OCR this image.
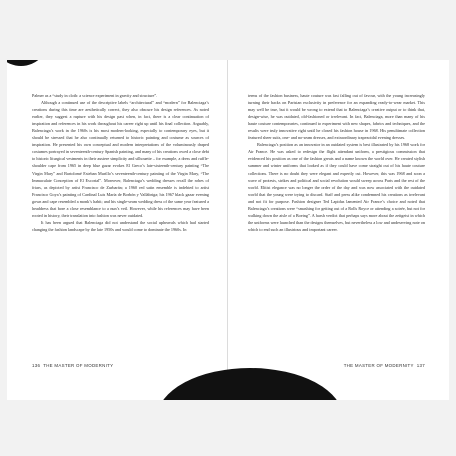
Palmer as a “study in cloth: a science experiment in gravity and structure”.

Although a continued use of the descriptive labels “architectural” and “modern” for Balenciaga’s creations during this time are aesthetically correct, they also obscure his design references. As noted earlier, they suggest a rupture with his design past when, in fact, there is a clear continuation of inspiration and references in his work throughout his career right up until his final collection. Arguably, Balenciaga’s work in the 1960s is his most modern-looking, especially to contemporary eyes, but it should be stressed that he also continually returned to historic painting and costume as sources of inspiration. He presented his own conceptual and modern interpretations of the voluminously draped costumes portrayed in seventeenth-century Spanish painting, and many of his creations owed a close debt to historic liturgical vestments in their austere simplicity and silhouette – for example, a dress and ruffle-shoulder cape from 1965 in deep blue gazar evokes El Greco’s late-sixteenth-century painting “The Virgin Mary” and Bartolomé Esteban Murillo’s seventeenth-century painting of the Virgin Mary, “The Immaculate Conception of El Escorial”. Moreover, Balenciaga’s wedding dresses recall the robes of friars, as depicted by artist Francisco de Zurbarán; a 1960 red satin ensemble is indebted to artist Francisco Goya’s painting of Cardinal Luis María de Borbón y Vallábriga; his 1967 black gazar evening gown and cape resembled a monk’s habit; and his single-seam wedding dress of the same year featured a headdress that bore a close resemblance to a nun’s veil. However, while his references may have been rooted in history, their translation into fashion was never outdated.

It has been argued that Balenciaga did not understand the social upheavals which had started changing the fashion landscape by the late 1950s and would come to dominate the 1960s. In

terms of the fashion business, haute couture was fast falling out of favour, with the young increasingly turning their backs on Parisian exclusivity in preference for an expanding ready-to-wear market. This may well be true, but it would be wrong to extend that to Balenciaga’s creative output or to think that, design-wise, he was outdated, old-fashioned or irrelevant. In fact, Balenciaga, more than many of his haute couture contemporaries, continued to experiment with new shapes, fabrics and techniques, and the results were truly innovative right until he closed his fashion house in 1968. His penultimate collection featured sheer suits, one- and no-seam dresses, and extraordinary trapezoidal evening dresses.

Balenciaga’s position as an innovator in an outdated system is best illustrated by his 1968 work for Air France. He was asked to redesign the flight attendant uniform, a prestigious commission that evidenced his position as one of the fashion greats and a name known the world over. He created stylish summer and winter uniforms that looked as if they could have come straight out of his haute couture collections. There is no doubt they were elegant and expertly cut. However, this was 1968 and soon a wave of protests, strikes and political and social revolution would sweep across Paris and the rest of the world. Elitist elegance was no longer the order of the day and was now associated with the outdated world that the young were trying to discard. Staff and press alike condemned his creations as irrelevant and not fit for purpose. Fashion designer Ted Lapidus lamented Air France’s choice and noted that Balenciaga’s creations were “smashing for getting out of a Rolls Royce or attending a soirée, but not for walking down the aisle of a Boeing”. A harsh verdict that perhaps says more about the zeitgeist in which the uniforms were launched than the designs themselves, but nevertheless a low and undeserving note on which to end such an illustrious and important career.

136 THE MASTER OF MODERNITY	THE MASTER OF MODERNITY 137
